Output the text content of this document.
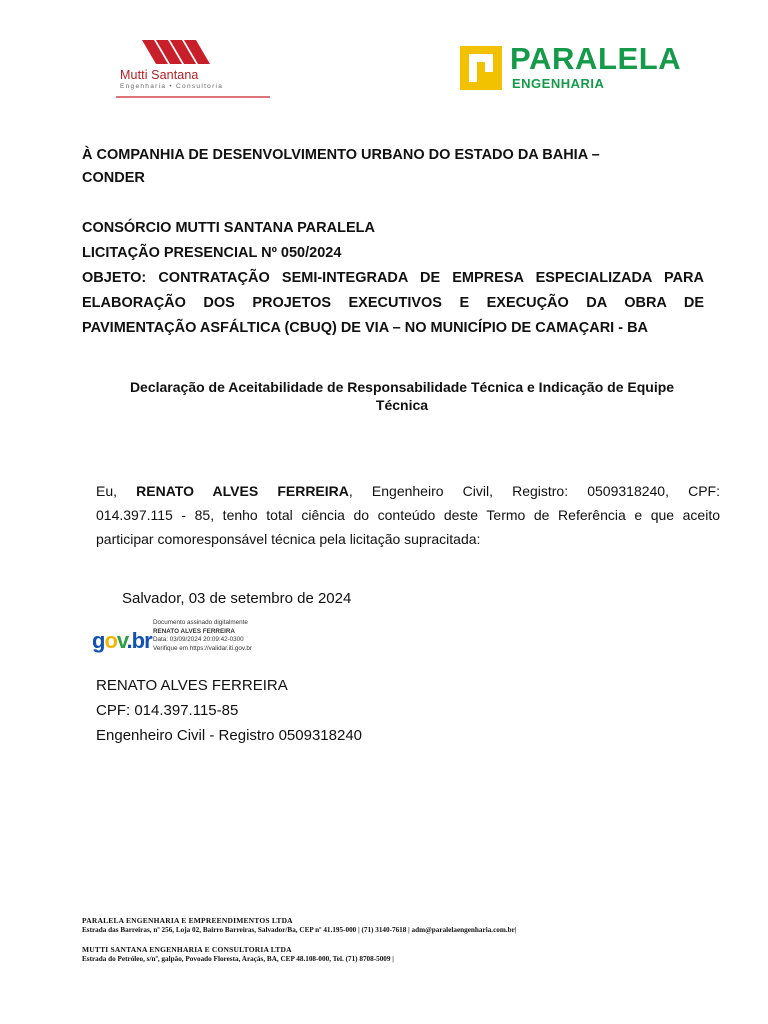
Mutti Santana
Engenharia • Consultoria
PARALELA
ENGENHARIA
À COMPANHIA DE DESENVOLVIMENTO URBANO DO ESTADO DA BAHIA –
CONDER
CONSÓRCIO MUTTI SANTANA PARALELA
LICITAÇÃO PRESENCIAL Nº 050/2024
OBJETO: CONTRATAÇÃO SEMI-INTEGRADA DE EMPRESA ESPECIALIZADA PARA
ELABORAÇÃO DOS PROJETOS EXECUTIVOS E EXECUÇÃO DA OBRA DE
PAVIMENTAÇÃO ASFÁLTICA (CBUQ) DE VIA – NO MUNICÍPIO DE CAMAÇARI - BA
Declaração de Aceitabilidade de Responsabilidade Técnica e Indicação de Equipe
Técnica
Eu, RENATO ALVES FERREIRA, Engenheiro Civil, Registro: 0509318240, CPF:
014.397.115 - 85, tenho total ciência do conteúdo deste Termo de Referência e que aceito
participar comoresponsável técnica pela licitação supracitada:
Salvador, 03 de setembro de 2024
gov.br
Documento assinado digitalmente
RENATO ALVES FERREIRA
Data: 03/09/2024 20:09:42-0300
Verifique em https://validar.iti.gov.br
RENATO ALVES FERREIRA
CPF: 014.397.115-85
Engenheiro Civil - Registro 0509318240
PARALELA ENGENHARIA E EMPREENDIMENTOS LTDA
Estrada das Barreiras, nº 256, Loja 02, Bairro Barreiras, Salvador/Ba, CEP nº 41.195-000 | (71) 3140-7618 | adm@paralelaengenharia.com.br|
MUTTI SANTANA ENGENHARIA E CONSULTORIA LTDA
Estrada do Petróleo, s/nº, galpão, Povoado Floresta, Araçás, BA, CEP 48.108-000, Tel. (71) 8708-5009 |
